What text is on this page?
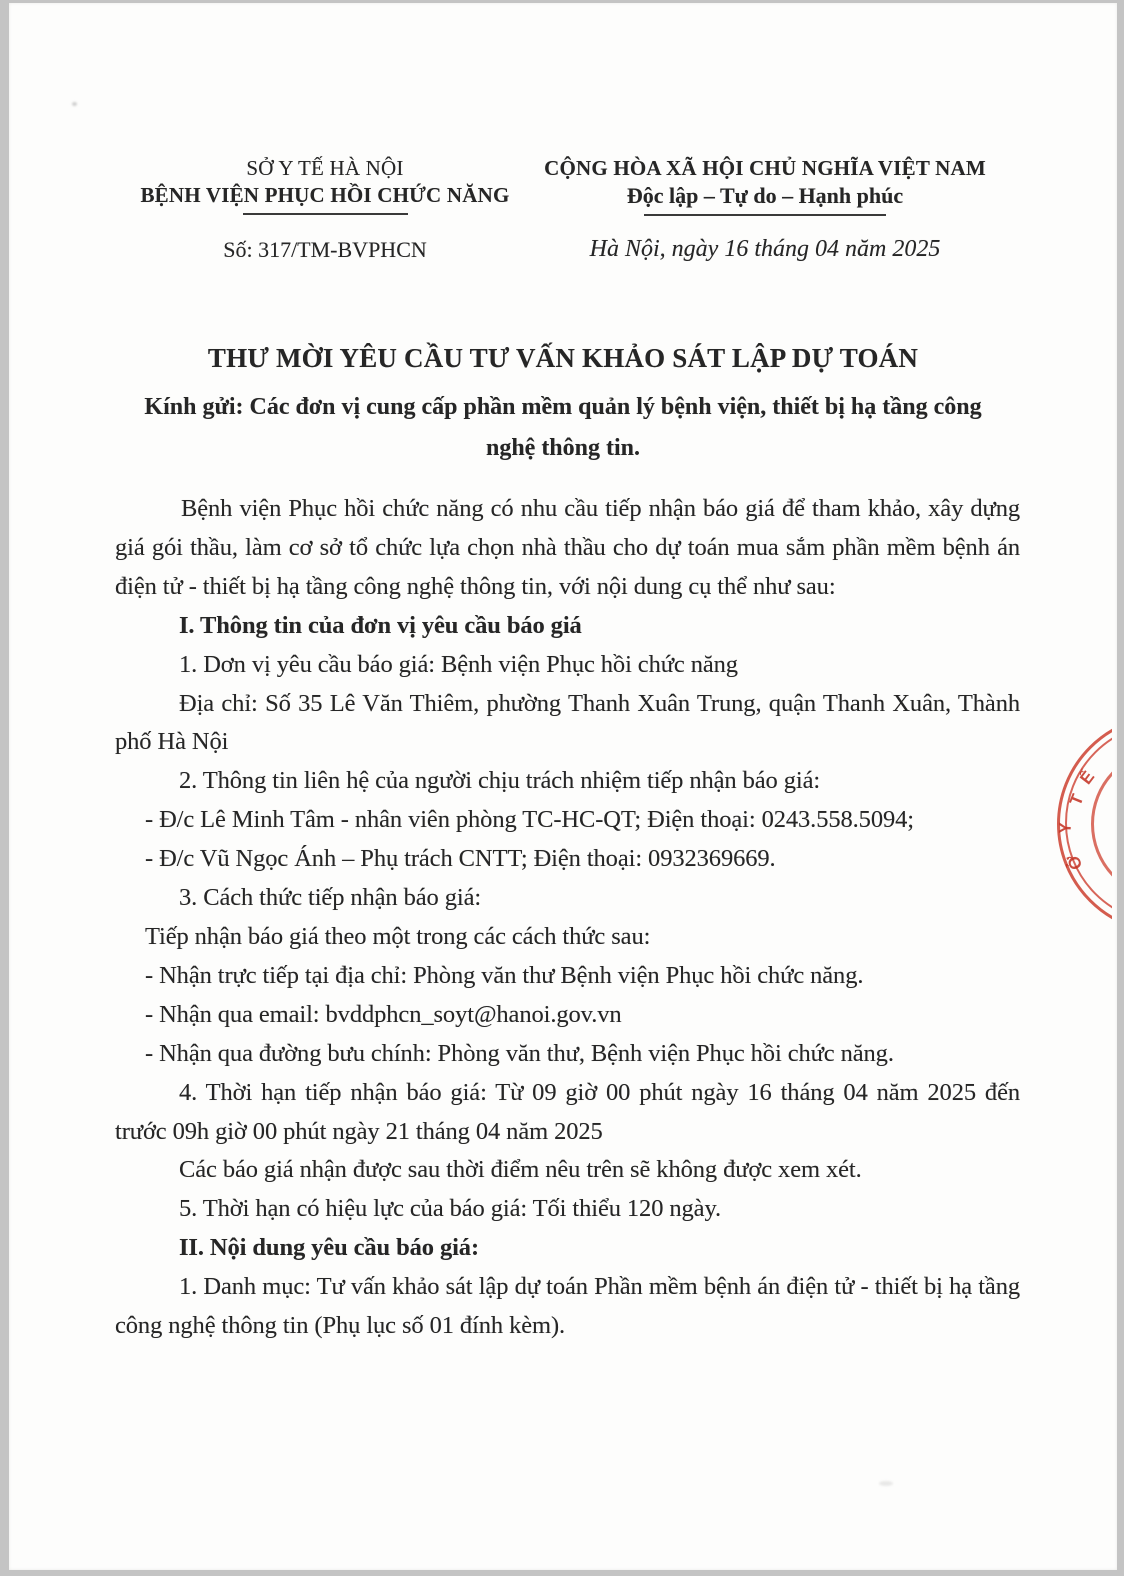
SỞ Y TẾ HÀ NỘI
BỆNH VIỆN PHỤC HỒI CHỨC NĂNG
Số: 317/TM-BVPHCN
CỘNG HÒA XÃ HỘI CHỦ NGHĨA VIỆT NAM
Độc lập – Tự do – Hạnh phúc
Hà Nội, ngày 16 tháng 04 năm 2025
THƯ MỜI YÊU CẦU TƯ VẤN KHẢO SÁT LẬP DỰ TOÁN
Kính gửi: Các đơn vị cung cấp phần mềm quản lý bệnh viện, thiết bị hạ tầng công nghệ thông tin.

Bệnh viện Phục hồi chức năng có nhu cầu tiếp nhận báo giá để tham khảo, xây dựng giá gói thầu, làm cơ sở tổ chức lựa chọn nhà thầu cho dự toán mua sắm phần mềm bệnh án điện tử - thiết bị hạ tầng công nghệ thông tin, với nội dung cụ thể như sau:

I. Thông tin của đơn vị yêu cầu báo giá

1. Dơn vị yêu cầu báo giá: Bệnh viện Phục hồi chức năng

Địa chỉ: Số 35 Lê Văn Thiêm, phường Thanh Xuân Trung, quận Thanh Xuân, Thành phố Hà Nội

2. Thông tin liên hệ của người chịu trách nhiệm tiếp nhận báo giá:

- Đ/c Lê Minh Tâm - nhân viên phòng TC-HC-QT; Điện thoại: 0243.558.5094;

- Đ/c Vũ Ngọc Ánh – Phụ trách CNTT; Điện thoại: 0932369669.

3. Cách thức tiếp nhận báo giá:

Tiếp nhận báo giá theo một trong các cách thức sau:

- Nhận trực tiếp tại địa chỉ: Phòng văn thư Bệnh viện Phục hồi chức năng.

- Nhận qua email: bvddphcn_soyt@hanoi.gov.vn

- Nhận qua đường bưu chính: Phòng văn thư, Bệnh viện Phục hồi chức năng.

4. Thời hạn tiếp nhận báo giá: Từ 09 giờ 00 phút ngày 16 tháng 04 năm 2025 đến trước 09h giờ 00 phút ngày 21 tháng 04 năm 2025

Các báo giá nhận được sau thời điểm nêu trên sẽ không được xem xét.

5. Thời hạn có hiệu lực của báo giá: Tối thiểu 120 ngày.

II. Nội dung yêu cầu báo giá:

1. Danh mục: Tư vấn khảo sát lập dự toán Phần mềm bệnh án điện tử - thiết bị hạ tầng công nghệ thông tin (Phụ lục số 01 đính kèm).

Ế
T
Y
Ở
